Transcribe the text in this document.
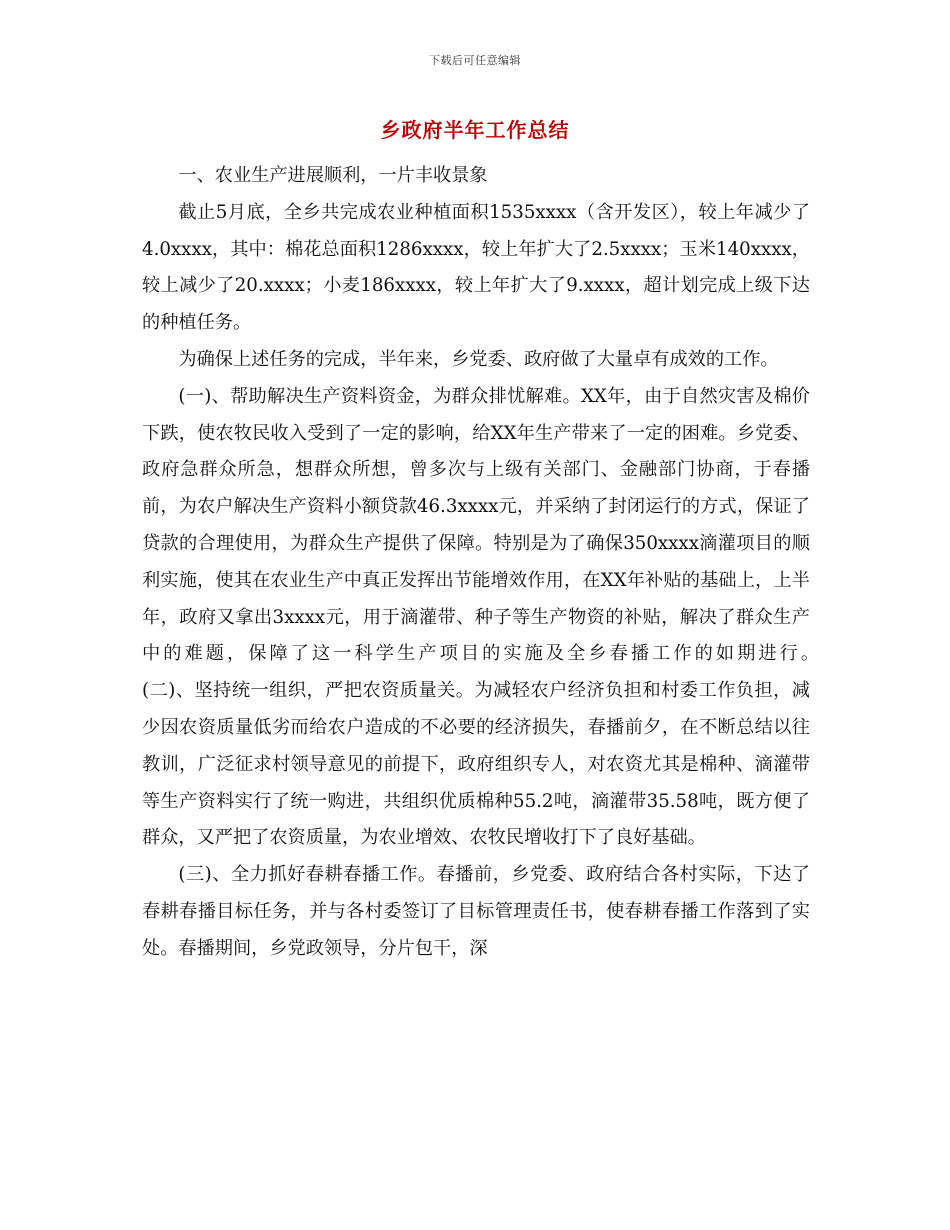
下载后可任意编辑
乡政府半年工作总结

一、农业生产进展顺利，一片丰收景象

截止5月底，全乡共完成农业种植面积1535xxxx（含开发区），较上年减少了4.0xxxx，其中：棉花总面积1286xxxx，较上年扩大了2.5xxxx；玉米140xxxx，较上减少了20.xxxx；小麦186xxxx，较上年扩大了9.xxxx，超计划完成上级下达的种植任务。

为确保上述任务的完成，半年来，乡党委、政府做了大量卓有成效的工作。

(一)、帮助解决生产资料资金，为群众排忧解难。XX年，由于自然灾害及棉价下跌，使农牧民收入受到了一定的影响，给XX年生产带来了一定的困难。乡党委、政府急群众所急，想群众所想，曾多次与上级有关部门、金融部门协商，于春播前，为农户解决生产资料小额贷款46.3xxxx元，并采纳了封闭运行的方式，保证了贷款的合理使用，为群众生产提供了保障。特别是为了确保350xxxx滴灌项目的顺利实施，使其在农业生产中真正发挥出节能增效作用，在XX年补贴的基础上，上半年，政府又拿出3xxxx元，用于滴灌带、种子等生产物资的补贴，解决了群众生产中的难题，保障了这一科学生产项目的实施及全乡春播工作的如期进行。　　　　　(二)、坚持统一组织，严把农资质量关。为减轻农户经济负担和村委工作负担，减少因农资质量低劣而给农户造成的不必要的经济损失，春播前夕，在不断总结以往教训，广泛征求村领导意见的前提下，政府组织专人，对农资尤其是棉种、滴灌带等生产资料实行了统一购进，共组织优质棉种55.2吨，滴灌带35.58吨，既方便了群众，又严把了农资质量，为农业增效、农牧民增收打下了良好基础。

(三)、全力抓好春耕春播工作。春播前，乡党委、政府结合各村实际，下达了春耕春播目标任务，并与各村委签订了目标管理责任书，使春耕春播工作落到了实处。春播期间，乡党政领导，分片包干，深
